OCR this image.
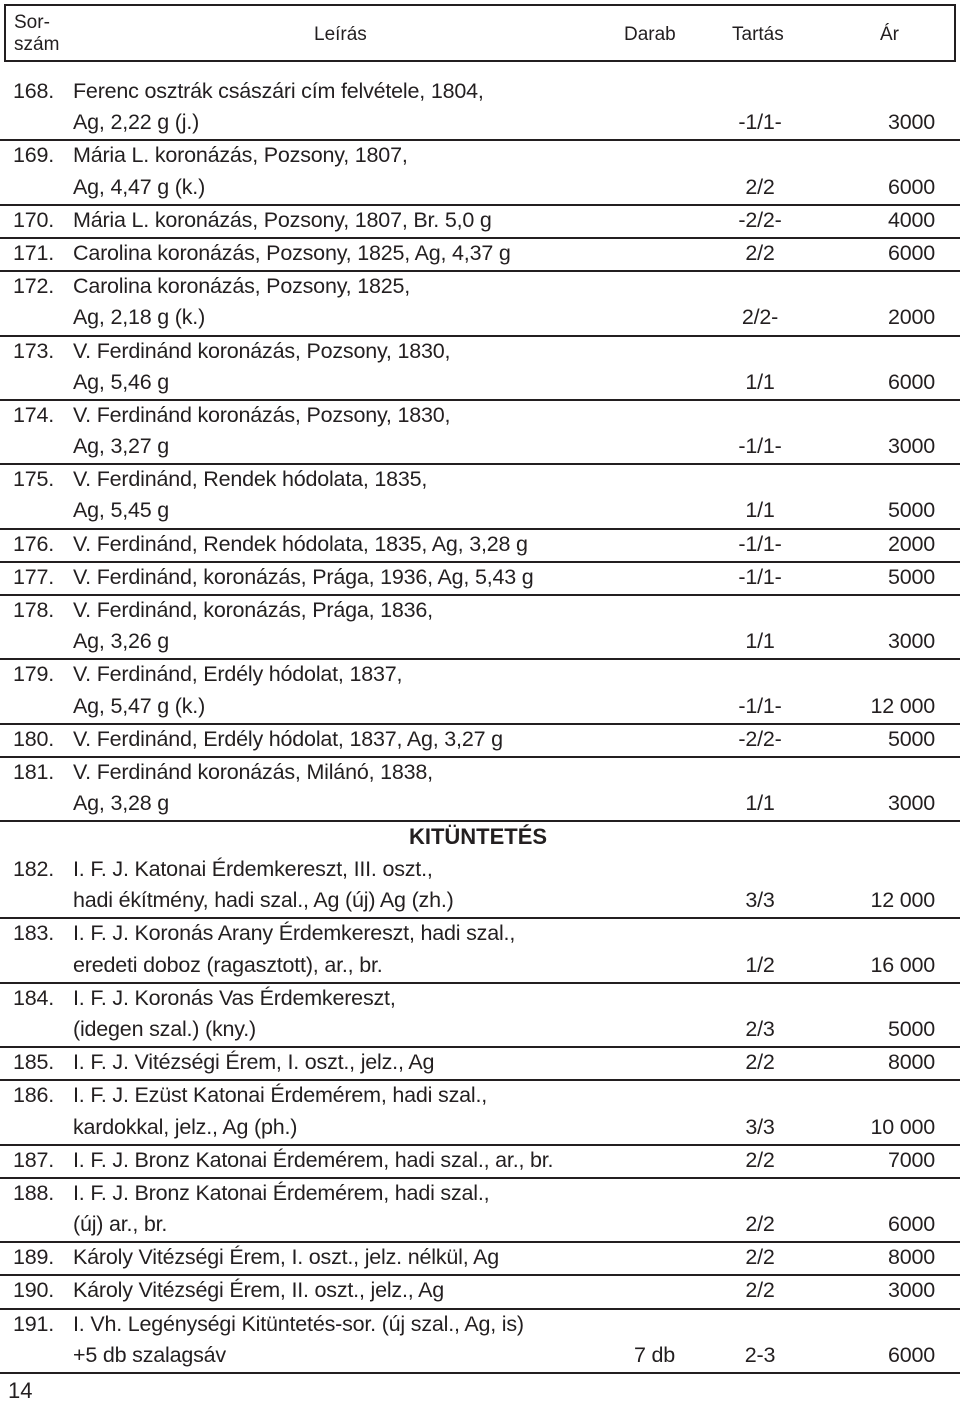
Sor-
szám	Leírás	Darab	Tartás	Ár
168. Ferenc osztrák császári cím felvétele, 1804,
Ag, 2,22 g (j.)	-1/1-	3000
169. Mária L. koronázás, Pozsony, 1807,
Ag, 4,47 g (k.)	2/2	6000
170. Mária L. koronázás, Pozsony, 1807, Br. 5,0 g	-2/2-	4000
171. Carolina koronázás, Pozsony, 1825, Ag, 4,37 g	2/2	6000
172. Carolina koronázás, Pozsony, 1825,
Ag, 2,18 g (k.)	2/2-	2000
173. V. Ferdinánd koronázás, Pozsony, 1830,
Ag, 5,46 g	1/1	6000
174. V. Ferdinánd koronázás, Pozsony, 1830,
Ag, 3,27 g	-1/1-	3000
175. V. Ferdinánd, Rendek hódolata, 1835,
Ag, 5,45 g	1/1	5000
176. V. Ferdinánd, Rendek hódolata, 1835, Ag, 3,28 g	-1/1-	2000
177. V. Ferdinánd, koronázás, Prága, 1936, Ag, 5,43 g	-1/1-	5000
178. V. Ferdinánd, koronázás, Prága, 1836,
Ag, 3,26 g	1/1	3000
179. V. Ferdinánd, Erdély hódolat, 1837,
Ag, 5,47 g (k.)	-1/1-	12 000
180. V. Ferdinánd, Erdély hódolat, 1837, Ag, 3,27 g	-2/2-	5000
181. V. Ferdinánd koronázás, Milánó, 1838,
Ag, 3,28 g	1/1	3000
KITÜNTETÉS
182. I. F. J. Katonai Érdemkereszt, III. oszt.,
hadi ékítmény, hadi szal., Ag (új) Ag (zh.)	3/3	12 000
183. I. F. J. Koronás Arany Érdemkereszt, hadi szal.,
eredeti doboz (ragasztott), ar., br.	1/2	16 000
184. I. F. J. Koronás Vas Érdemkereszt,
(idegen szal.) (kny.)	2/3	5000
185. I. F. J. Vitézségi Érem, I. oszt., jelz., Ag	2/2	8000
186. I. F. J. Ezüst Katonai Érdemérem, hadi szal.,
kardokkal, jelz., Ag (ph.)	3/3	10 000
187. I. F. J. Bronz Katonai Érdemérem, hadi szal., ar., br.	2/2	7000
188. I. F. J. Bronz Katonai Érdemérem, hadi szal.,
(új) ar., br.	2/2	6000
189. Károly Vitézségi Érem, I. oszt., jelz. nélkül, Ag	2/2	8000
190. Károly Vitézségi Érem, II. oszt., jelz., Ag	2/2	3000
191. I. Vh. Legénységi Kitüntetés-sor. (új szal., Ag, is)
+5 db szalagsáv	7 db	2-3	6000
14
